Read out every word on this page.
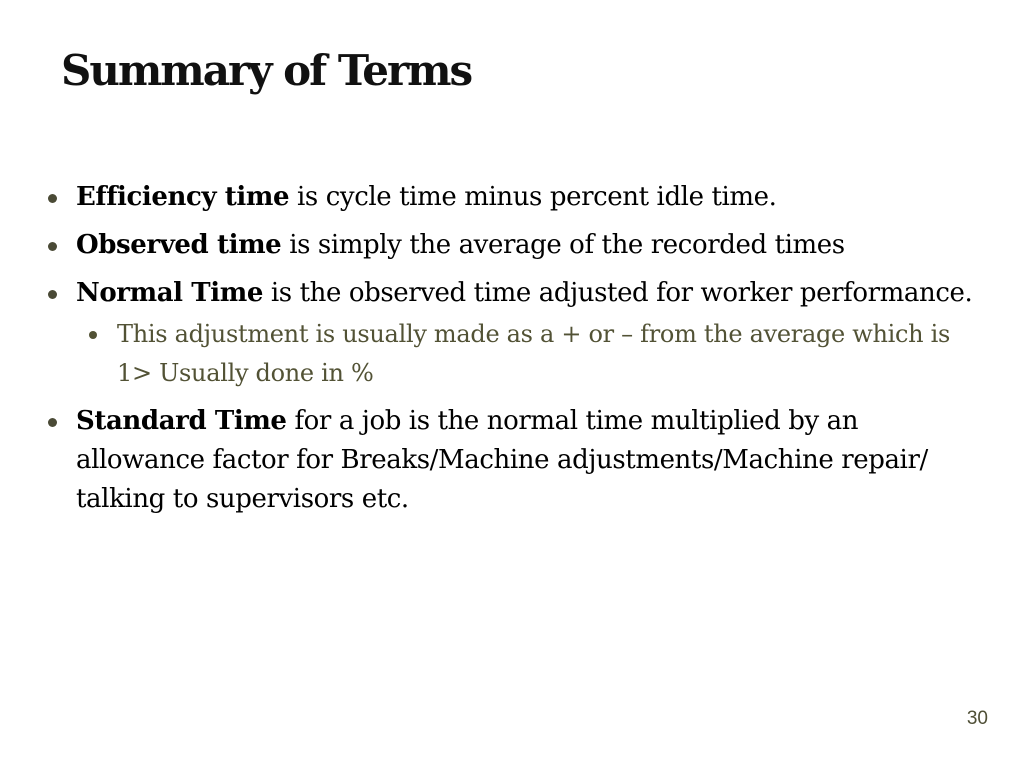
Summary of Terms
Efficiency time is cycle time minus percent idle time.
Observed time is simply the average of the recorded times
Normal Time is the observed time adjusted for worker performance.
This adjustment is usually made as a + or – from the average which is 1> Usually done in %
Standard Time for a job is the normal time multiplied by an allowance factor for Breaks/Machine adjustments/Machine repair/ talking to supervisors etc.
30
